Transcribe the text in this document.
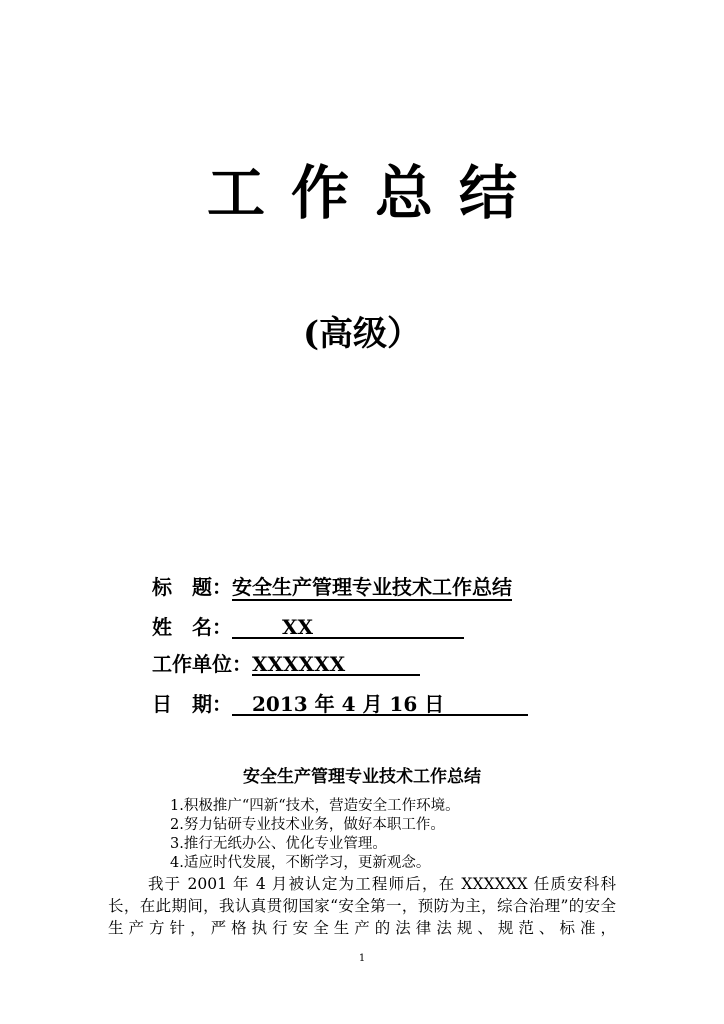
工作总结
(高级）
标　题：安全生产管理专业技术工作总结
姓　名：	XX
工作单位：XXXXXX
日　期： 2013 年 4 月 16 日
安全生产管理专业技术工作总结
1.积极推广“四新“技术，营造安全工作环境。
2.努力钻研专业技术业务，做好本职工作。
3.推行无纸办公、优化专业管理。
4.适应时代发展，不断学习，更新观念。
我于 2001 年 4 月被认定为工程师后，在 XXXXXX 任质安科科长，在此期间，我认真贯彻国家“安全第一，预防为主，综合治理”的安全生产方针，严格执行安全生产的法律法规、规范、标准，
1
